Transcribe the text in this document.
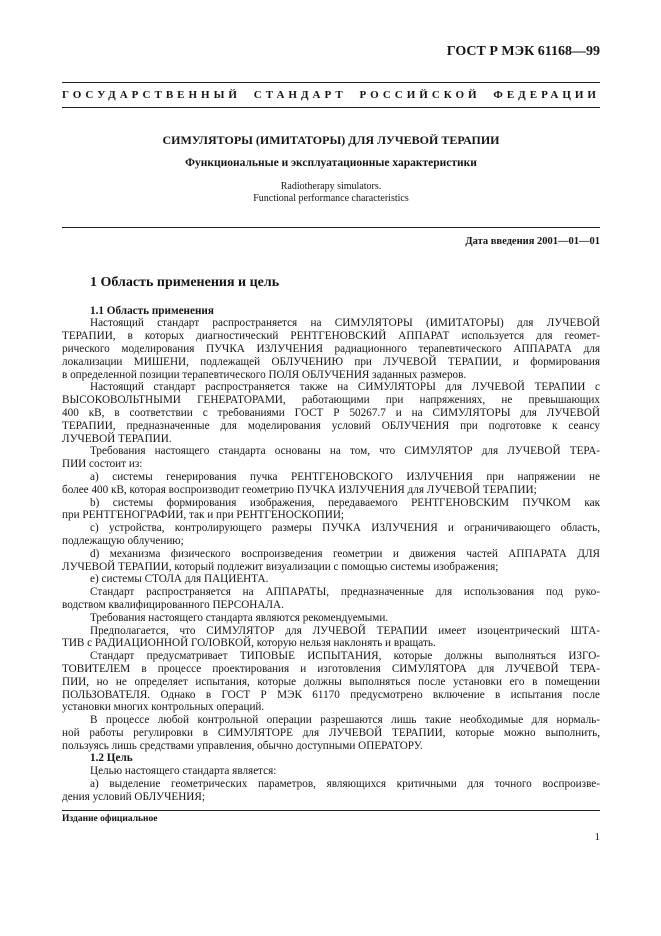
ГОСТ Р МЭК 61168—99
ГОСУДАРСТВЕННЫЙ СТАНДАРТ РОССИЙСКОЙ ФЕДЕРАЦИИ
СИМУЛЯТОРЫ (ИМИТАТОРЫ) ДЛЯ ЛУЧЕВОЙ ТЕРАПИИ
Функциональные и эксплуатационные характеристики
Radiotherapy simulators.
Functional performance characteristics
Дата введения 2001—01—01
1 Область применения и цель
1.1 Область применения
Настоящий стандарт распространяется на СИМУЛЯТОРЫ (ИМИТАТОРЫ) для ЛУЧЕВОЙ
ТЕРАПИИ, в которых диагностический РЕНТГЕНОВСКИЙ АППАРАТ используется для геомет-
рического моделирования ПУЧКА ИЗЛУЧЕНИЯ радиационного терапевтического АППАРАТА для
локализации МИШЕНИ, подлежащей ОБЛУЧЕНИЮ при ЛУЧЕВОЙ ТЕРАПИИ, и формирования
в определенной позиции терапевтического ПОЛЯ ОБЛУЧЕНИЯ заданных размеров.
Настоящий стандарт распространяется также на СИМУЛЯТОРЫ для ЛУЧЕВОЙ ТЕРАПИИ с
ВЫСОКОВОЛЬТНЫМИ ГЕНЕРАТОРАМИ, работающими при напряжениях, не превышающих
400 кВ, в соответствии с требованиями ГОСТ Р 50267.7 и на СИМУЛЯТОРЫ для ЛУЧЕВОЙ
ТЕРАПИИ, предназначенные для моделирования условий ОБЛУЧЕНИЯ при подготовке к сеансу
ЛУЧЕВОЙ ТЕРАПИИ.
Требования настоящего стандарта основаны на том, что СИМУЛЯТОР для ЛУЧЕВОЙ ТЕРА-
ПИИ состоит из:
а) системы генерирования пучка РЕНТГЕНОВСКОГО ИЗЛУЧЕНИЯ при напряжении не
более 400 кВ, которая воспроизводит геометрию ПУЧКА ИЗЛУЧЕНИЯ для ЛУЧЕВОЙ ТЕРАПИИ;
b) системы формирования изображения, передаваемого РЕНТГЕНОВСКИМ ПУЧКОМ как
при РЕНТГЕНОГРАФИИ, так и при РЕНТГЕНОСКОПИИ;
c) устройства, контролирующего размеры ПУЧКА ИЗЛУЧЕНИЯ и ограничивающего область,
подлежащую облучению;
d) механизма физического воспроизведения геометрии и движения частей АППАРАТА ДЛЯ
ЛУЧЕВОЙ ТЕРАПИИ, который подлежит визуализации с помощью системы изображения;
e) системы СТОЛА для ПАЦИЕНТА.
Стандарт распространяется на АППАРАТЫ, предназначенные для использования под руко-
водством квалифицированного ПЕРСОНАЛА.
Требования настоящего стандарта являются рекомендуемыми.
Предполагается, что СИМУЛЯТОР для ЛУЧЕВОЙ ТЕРАПИИ имеет изоцентрический ШТА-
ТИВ с РАДИАЦИОННОЙ ГОЛОВКОЙ, которую нельзя наклонять и вращать.
Стандарт предусматривает ТИПОВЫЕ ИСПЫТАНИЯ, которые должны выполняться ИЗГО-
ТОВИТЕЛЕМ в процессе проектирования и изготовления СИМУЛЯТОРА для ЛУЧЕВОЙ ТЕРА-
ПИИ, но не определяет испытания, которые должны выполняться после установки его в помещении
ПОЛЬЗОВАТЕЛЯ. Однако в ГОСТ Р МЭК 61170 предусмотрено включение в испытания после
установки многих контрольных операций.
В процессе любой контрольной операции разрешаются лишь такие необходимые для нормаль-
ной работы регулировки в СИМУЛЯТОРЕ для ЛУЧЕВОЙ ТЕРАПИИ, которые можно выполнить,
пользуясь лишь средствами управления, обычно доступными ОПЕРАТОРУ.
1.2 Цель
Целью настоящего стандарта является:
а) выделение геометрических параметров, являющихся критичными для точного воспроизве-
дения условий ОБЛУЧЕНИЯ;
Издание официальное
1
